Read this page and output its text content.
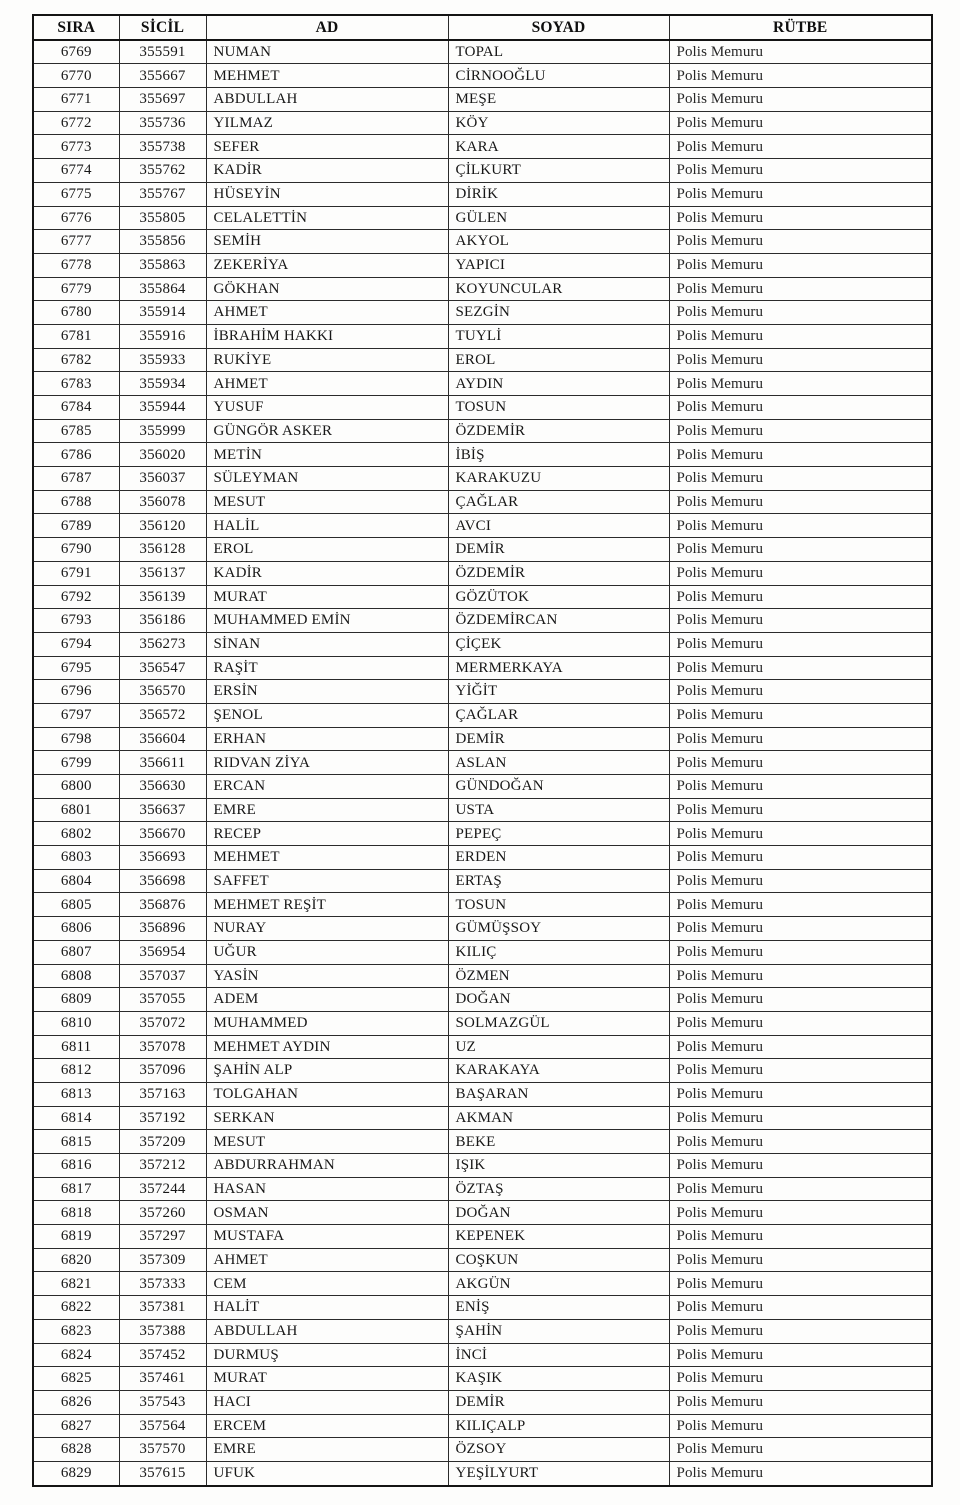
SIRA	SİCİL	AD	SOYAD	RÜTBE
6769	355591	NUMAN	TOPAL	Polis Memuru
6770	355667	MEHMET	CİRNOOĞLU	Polis Memuru
6771	355697	ABDULLAH	MEŞE	Polis Memuru
6772	355736	YILMAZ	KÖY	Polis Memuru
6773	355738	SEFER	KARA	Polis Memuru
6774	355762	KADİR	ÇİLKURT	Polis Memuru
6775	355767	HÜSEYİN	DİRİK	Polis Memuru
6776	355805	CELALETTİN	GÜLEN	Polis Memuru
6777	355856	SEMİH	AKYOL	Polis Memuru
6778	355863	ZEKERİYA	YAPICI	Polis Memuru
6779	355864	GÖKHAN	KOYUNCULAR	Polis Memuru
6780	355914	AHMET	SEZGİN	Polis Memuru
6781	355916	İBRAHİM HAKKI	TUYLİ	Polis Memuru
6782	355933	RUKİYE	EROL	Polis Memuru
6783	355934	AHMET	AYDIN	Polis Memuru
6784	355944	YUSUF	TOSUN	Polis Memuru
6785	355999	GÜNGÖR ASKER	ÖZDEMİR	Polis Memuru
6786	356020	METİN	İBİŞ	Polis Memuru
6787	356037	SÜLEYMAN	KARAKUZU	Polis Memuru
6788	356078	MESUT	ÇAĞLAR	Polis Memuru
6789	356120	HALİL	AVCI	Polis Memuru
6790	356128	EROL	DEMİR	Polis Memuru
6791	356137	KADİR	ÖZDEMİR	Polis Memuru
6792	356139	MURAT	GÖZÜTOK	Polis Memuru
6793	356186	MUHAMMED EMİN	ÖZDEMİRCAN	Polis Memuru
6794	356273	SİNAN	ÇİÇEK	Polis Memuru
6795	356547	RAŞİT	MERMERKAYA	Polis Memuru
6796	356570	ERSİN	YİĞİT	Polis Memuru
6797	356572	ŞENOL	ÇAĞLAR	Polis Memuru
6798	356604	ERHAN	DEMİR	Polis Memuru
6799	356611	RIDVAN ZİYA	ASLAN	Polis Memuru
6800	356630	ERCAN	GÜNDOĞAN	Polis Memuru
6801	356637	EMRE	USTA	Polis Memuru
6802	356670	RECEP	PEPEÇ	Polis Memuru
6803	356693	MEHMET	ERDEN	Polis Memuru
6804	356698	SAFFET	ERTAŞ	Polis Memuru
6805	356876	MEHMET REŞİT	TOSUN	Polis Memuru
6806	356896	NURAY	GÜMÜŞSOY	Polis Memuru
6807	356954	UĞUR	KILIÇ	Polis Memuru
6808	357037	YASİN	ÖZMEN	Polis Memuru
6809	357055	ADEM	DOĞAN	Polis Memuru
6810	357072	MUHAMMED	SOLMAZGÜL	Polis Memuru
6811	357078	MEHMET AYDIN	UZ	Polis Memuru
6812	357096	ŞAHİN ALP	KARAKAYA	Polis Memuru
6813	357163	TOLGAHAN	BAŞARAN	Polis Memuru
6814	357192	SERKAN	AKMAN	Polis Memuru
6815	357209	MESUT	BEKE	Polis Memuru
6816	357212	ABDURRAHMAN	IŞIK	Polis Memuru
6817	357244	HASAN	ÖZTAŞ	Polis Memuru
6818	357260	OSMAN	DOĞAN	Polis Memuru
6819	357297	MUSTAFA	KEPENEK	Polis Memuru
6820	357309	AHMET	COŞKUN	Polis Memuru
6821	357333	CEM	AKGÜN	Polis Memuru
6822	357381	HALİT	ENİŞ	Polis Memuru
6823	357388	ABDULLAH	ŞAHİN	Polis Memuru
6824	357452	DURMUŞ	İNCİ	Polis Memuru
6825	357461	MURAT	KAŞIK	Polis Memuru
6826	357543	HACI	DEMİR	Polis Memuru
6827	357564	ERCEM	KILIÇALP	Polis Memuru
6828	357570	EMRE	ÖZSOY	Polis Memuru
6829	357615	UFUK	YEŞİLYURT	Polis Memuru
